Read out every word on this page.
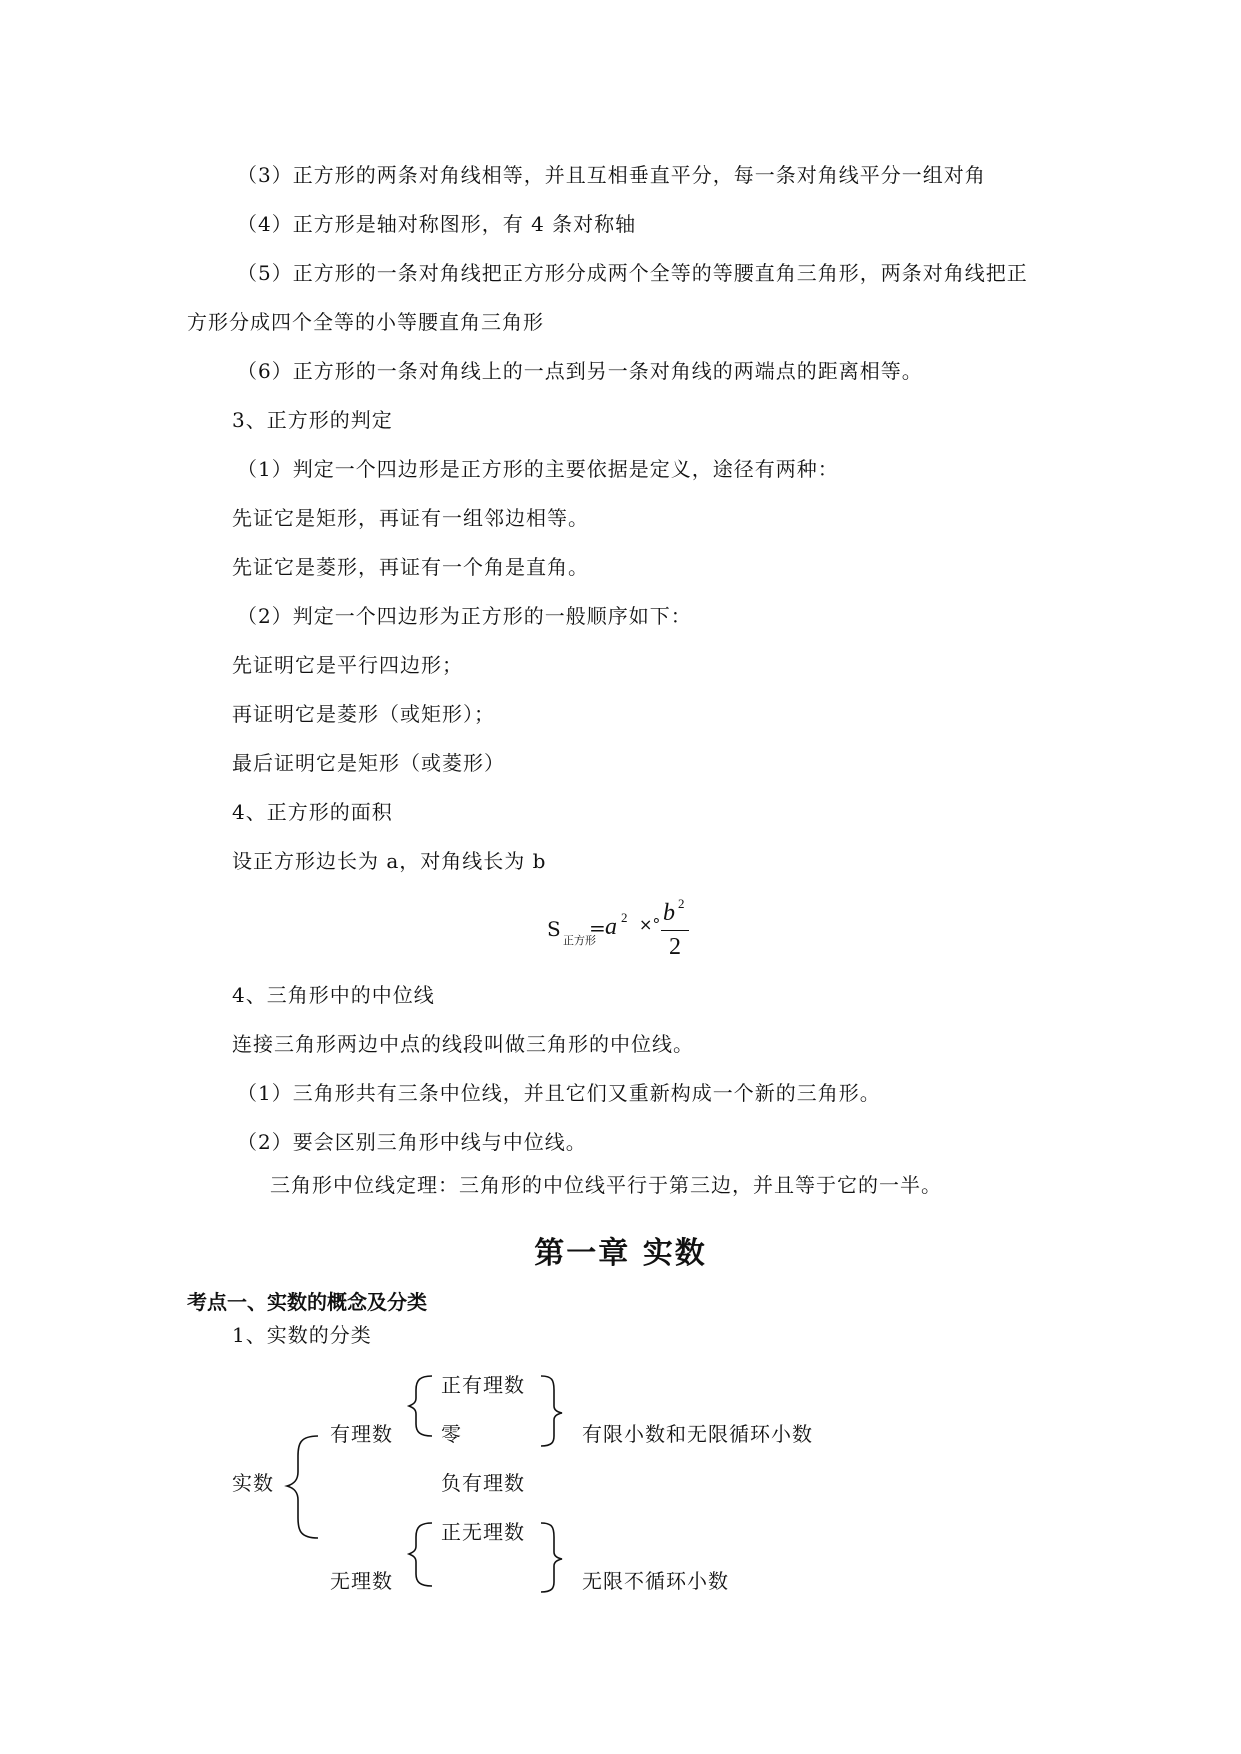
（3）正方形的两条对角线相等，并且互相垂直平分，每一条对角线平分一组对角
（4）正方形是轴对称图形，有 4 条对称轴
（5）正方形的一条对角线把正方形分成两个全等的等腰直角三角形，两条对角线把正
方形分成四个全等的小等腰直角三角形
（6）正方形的一条对角线上的一点到另一条对角线的两端点的距离相等。
3、正方形的判定
（1）判定一个四边形是正方形的主要依据是定义，途径有两种：
先证它是矩形，再证有一组邻边相等。
先证它是菱形，再证有一个角是直角。
（2）判定一个四边形为正方形的一般顺序如下：
先证明它是平行四边形；
再证明它是菱形（或矩形）；
最后证明它是矩形（或菱形）
4、正方形的面积
设正方形边长为 a，对角线长为 b
S 正方形
= a 2 ×° b 2
2
4、三角形中的中位线
连接三角形两边中点的线段叫做三角形的中位线。
（1）三角形共有三条中位线，并且它们又重新构成一个新的三角形。
（2）要会区别三角形中线与中位线。
三角形中位线定理：三角形的中位线平行于第三边，并且等于它的一半。
第一章 实数
考点一、实数的概念及分类
1、实数的分类
实数
有理数
正有理数
零
负有理数
有限小数和无限循环小数
正无理数
无理数	无限不循环小数
